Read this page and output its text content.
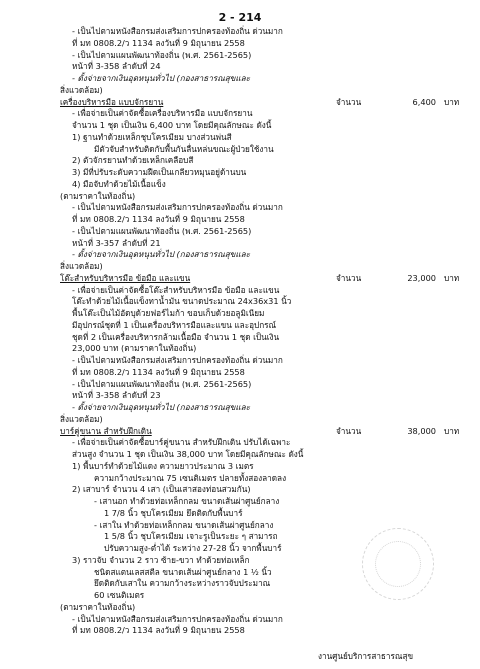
2 - 214
- เป็นไปตามหนังสือกรมส่งเสริมการปกครองท้องถิ่น ด่วนมาก
ที่ มท 0808.2/ว 1134 ลงวันที่ 9 มิถุนายน 2558
- เป็นไปตามแผนพัฒนาท้องถิ่น (พ.ศ. 2561-2565)
หน้าที่ 3-358 ลำดับที่ 24
- ตั้งจ่ายจากเงินอุดหนุนทั่วไป (กองสาธารณสุขและ
สิ่งแวดล้อม)
เครื่องบริหารมือ แบบจักรยาน	จำนวน	6,400 บาท
- เพื่อจ่ายเป็นค่าจัดซื้อเครื่องบริหารมือ แบบจักรยาน
จำนวน 1 ชุด เป็นเงิน 6,400 บาท โดยมีคุณลักษณะ ดังนี้
1) ฐานทำด้วยเหล็กชุบโครเมียม บางส่วนพ่นสี
มีตัวจับสำหรับติดกับพื้นกันลื่นหล่นขณะผู้ป่วยใช้งาน
2) ตัวจักรยานทำด้วยเหล็กเคลือบสี
3) มีที่ปรับระดับความฝืดเป็นเกลียวหมุนอยู่ด้านบน
4) มือจับทำด้วยไม้เนื้อแข็ง
(ตามราคาในท้องถิ่น)
- เป็นไปตามหนังสือกรมส่งเสริมการปกครองท้องถิ่น ด่วนมาก
ที่ มท 0808.2/ว 1134 ลงวันที่ 9 มิถุนายน 2558
- เป็นไปตามแผนพัฒนาท้องถิ่น (พ.ศ. 2561-2565)
หน้าที่ 3-357 ลำดับที่ 21
- ตั้งจ่ายจากเงินอุดหนุนทั่วไป (กองสาธารณสุขและ
สิ่งแวดล้อม)
โต๊ะสำหรับบริหารมือ ข้อมือ และแขน	จำนวน	23,000 บาท
- เพื่อจ่ายเป็นค่าจัดซื้อโต๊ะสำหรับบริหารมือ ข้อมือ และแขน
โต๊ะทำด้วยไม้เนื้อแข็งทาน้ำมัน ขนาดประมาณ 24x36x31 นิ้ว
พื้นโต๊ะเป็นไม้อัดบุด้วยฟอร์ไมก้า ขอบเก็บด้วยอลูมิเนียม
มีอุปกรณ์ชุดที่ 1 เป็นเครื่องบริหารมือและแขน และอุปกรณ์
ชุดที่ 2 เป็นเครื่องบริหารกล้ามเนื้อมือ จำนวน 1 ชุด เป็นเงิน
23,000 บาท (ตามราคาในท้องถิ่น)
- เป็นไปตามหนังสือกรมส่งเสริมการปกครองท้องถิ่น ด่วนมาก
ที่ มท 0808.2/ว 1134 ลงวันที่ 9 มิถุนายน 2558
- เป็นไปตามแผนพัฒนาท้องถิ่น (พ.ศ. 2561-2565)
หน้าที่ 3-358 ลำดับที่ 23
- ตั้งจ่ายจากเงินอุดหนุนทั่วไป (กองสาธารณสุขและ
สิ่งแวดล้อม)
บาร์คู่ขนาน สำหรับฝึกเดิน	จำนวน	38,000 บาท
- เพื่อจ่ายเป็นค่าจัดซื้อบาร์คู่ขนาน สำหรับฝึกเดิน ปรับได้เฉพาะ
ส่วนสูง จำนวน 1 ชุด เป็นเงิน 38,000 บาท โดยมีคุณลักษณะ ดังนี้
1) พื้นบาร์ทำด้วยไม้แดง ความยาวประมาณ 3 เมตร
ความกว้างประมาณ 75 เซนติเมตร ปลายทั้งสองลาดลง
2) เสาบาร์ จำนวน 4 เสา (เป็นเสาสองท่อนสวมกัน)
- เสานอก ทำด้วยท่อเหล็กกลม ขนาดเส้นผ่าศูนย์กลาง
1 7/8 นิ้ว ชุบโครเมียม ยึดติดกับพื้นบาร์
- เสาใน ทำด้วยท่อเหล็กกลม ขนาดเส้นผ่าศูนย์กลาง
1 5/8 นิ้ว ชุบโครเมียม เจาะรูเป็นระยะ ๆ สามารถ
ปรับความสูง-ต่ำได้ ระหว่าง 27-28 นิ้ว จากพื้นบาร์
3) ราวจับ จำนวน 2 ราว ซ้าย-ขวา ทำด้วยท่อเหล็ก
ชนิดสแตนเลสสตีล ขนาดเส้นผ่าศูนย์กลาง 1 ½ นิ้ว
ยึดติดกับเสาใน ความกว้างระหว่างราวจับประมาณ
60 เซนติเมตร
(ตามราคาในท้องถิ่น)
- เป็นไปตามหนังสือกรมส่งเสริมการปกครองท้องถิ่น ด่วนมาก
ที่ มท 0808.2/ว 1134 ลงวันที่ 9 มิถุนายน 2558
งานศูนย์บริการสาธารณสุข
